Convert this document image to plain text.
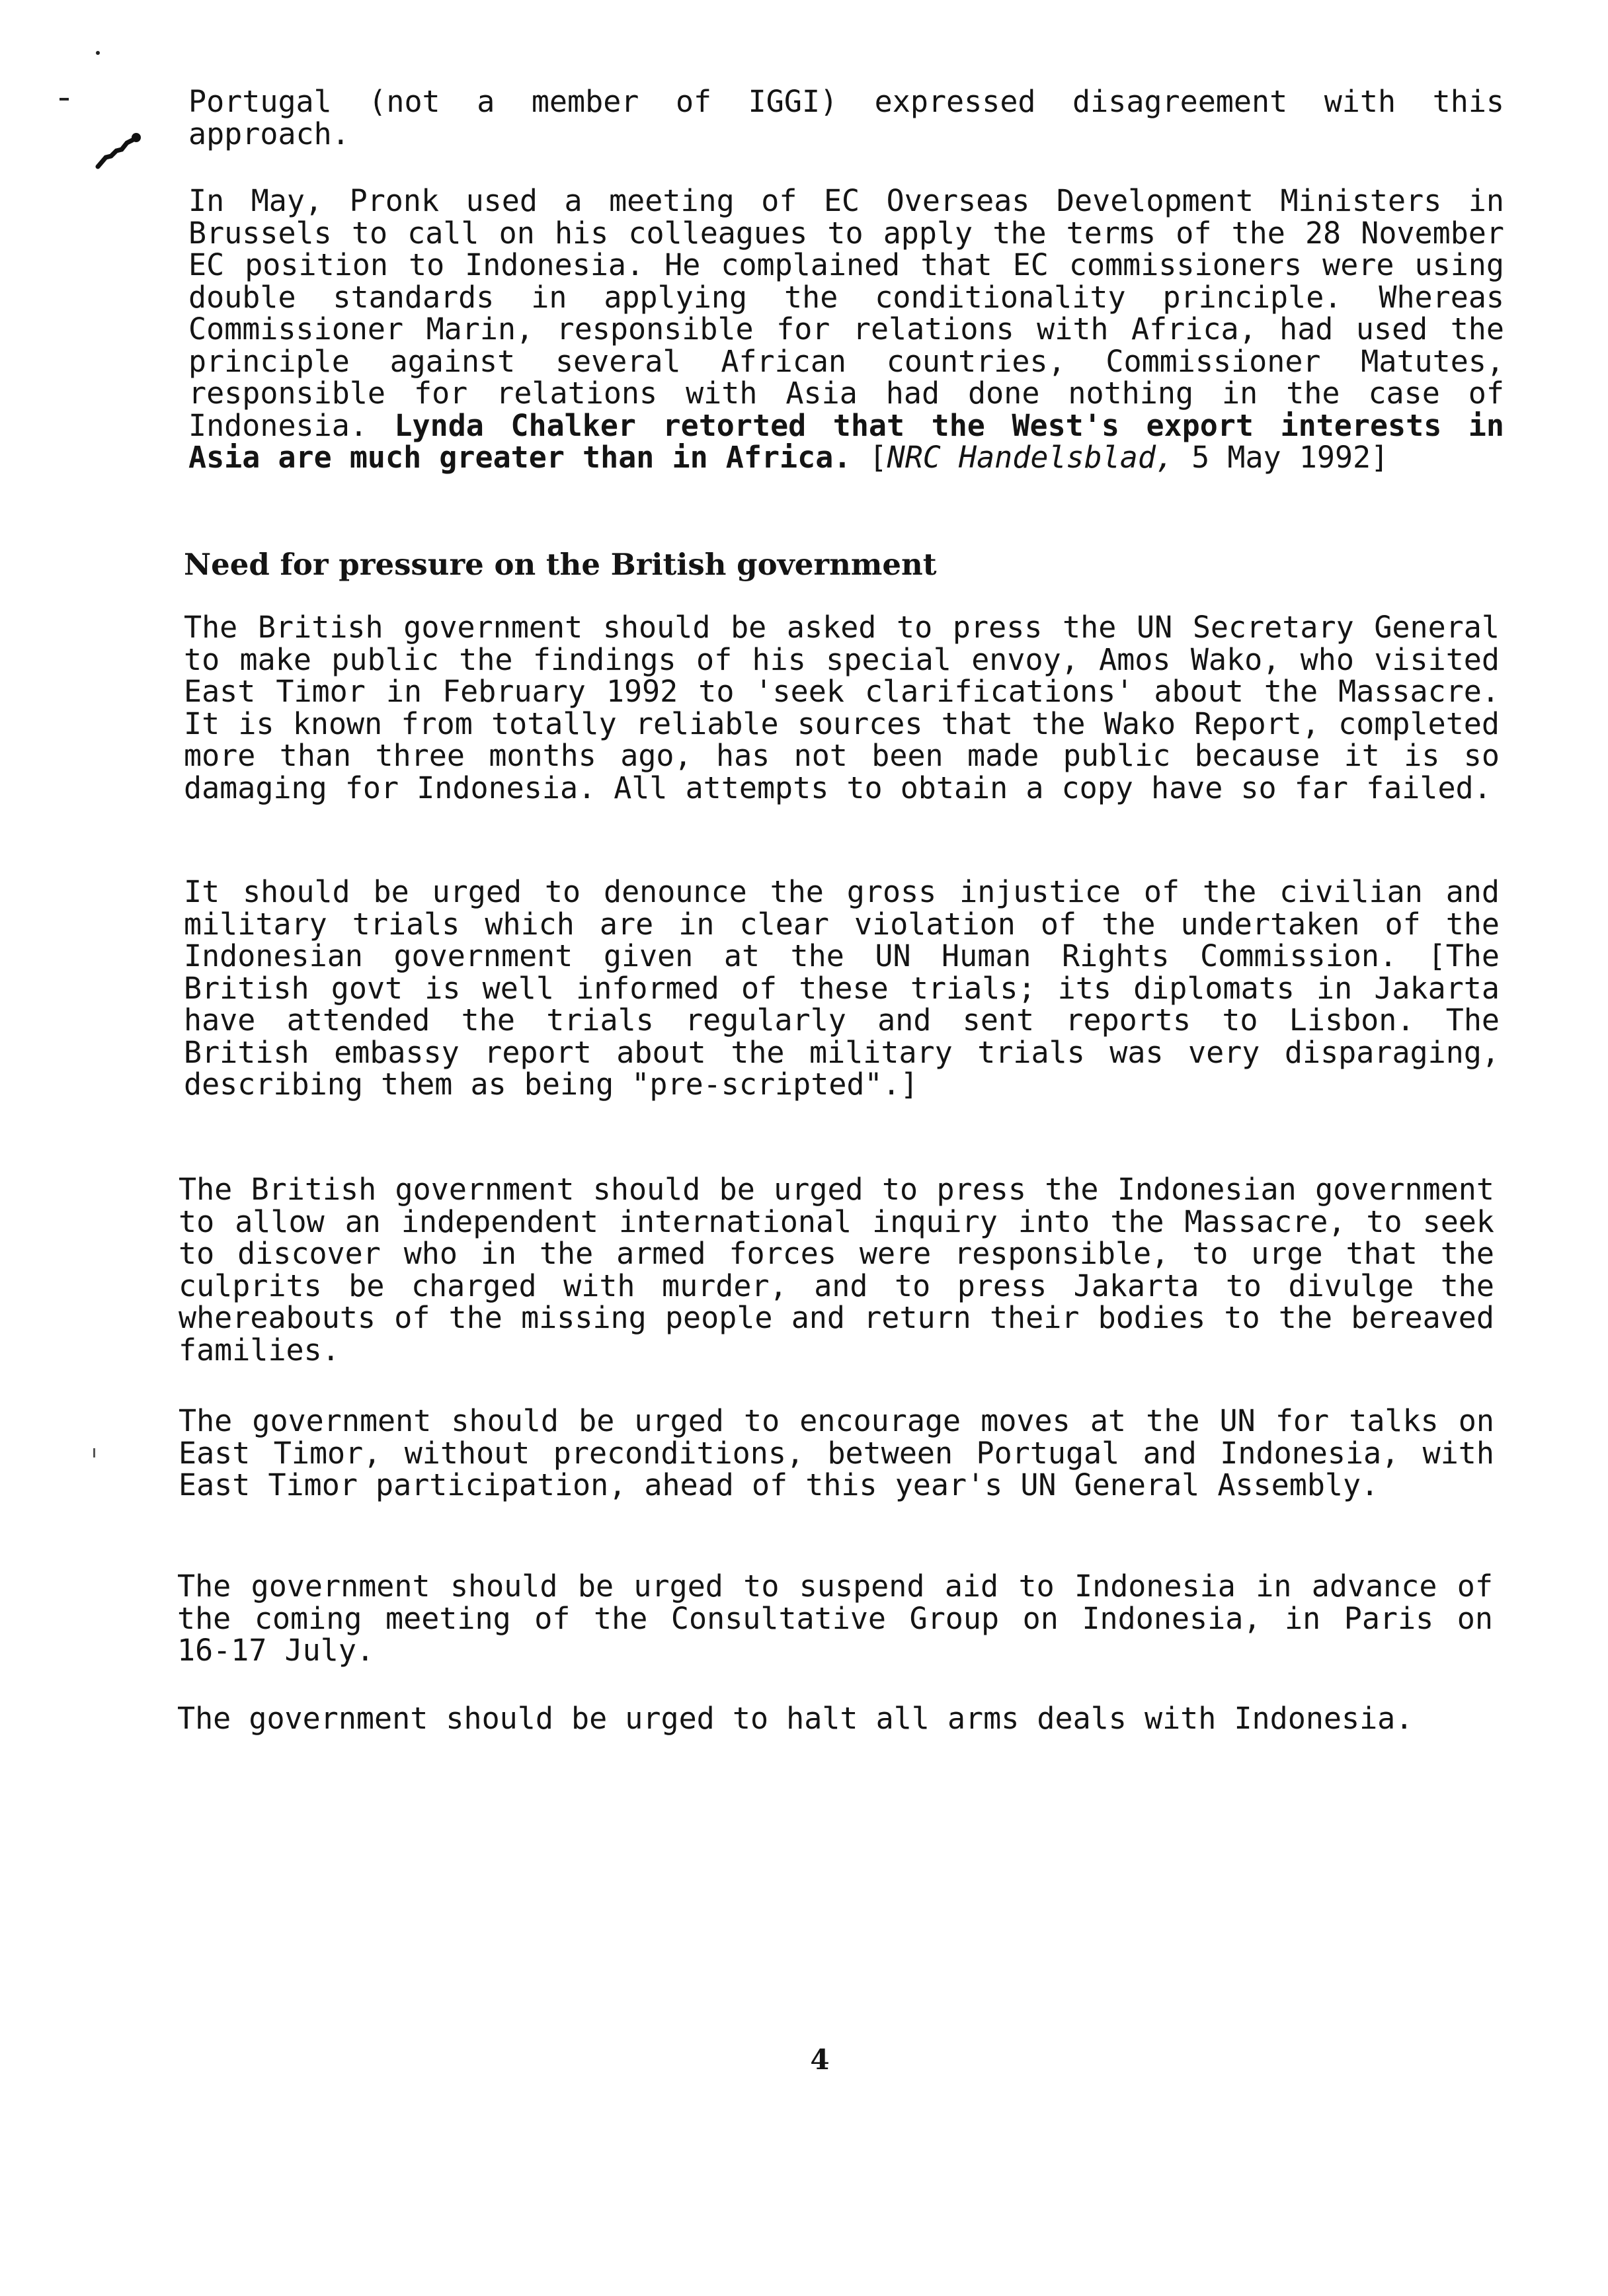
Portugal (not a member of IGGI) expressed disagreement with this approach.

In May, Pronk used a meeting of EC Overseas Development Ministers in Brussels to call on his colleagues to apply the terms of the 28 November EC position to Indonesia. He complained that EC commissioners were using double standards in applying the conditionality principle. Whereas Commissioner Marin, responsible for relations with Africa, had used the principle against several African countries, Commissioner Matutes, responsible for relations with Asia had done nothing in the case of Indonesia. Lynda Chalker retorted that the West's export interests in Asia are much greater than in Africa. [NRC Handelsblad, 5 May 1992]

Need for pressure on the British government

The British government should be asked to press the UN Secretary General to make public the findings of his special envoy, Amos Wako, who visited East Timor in February 1992 to 'seek clarifications' about the Massacre. It is known from totally reliable sources that the Wako Report, completed more than three months ago, has not been made public because it is so damaging for Indonesia. All attempts to obtain a copy have so far failed.

It should be urged to denounce the gross injustice of the civilian and military trials which are in clear violation of the undertaken of the Indonesian government given at the UN Human Rights Commission. [The British govt is well informed of these trials; its diplomats in Jakarta have attended the trials regularly and sent reports to Lisbon. The British embassy report about the military trials was very disparaging, describing them as being "pre-scripted".]

The British government should be urged to press the Indonesian government to allow an independent international inquiry into the Massacre, to seek to discover who in the armed forces were responsible, to urge that the culprits be charged with murder, and to press Jakarta to divulge the whereabouts of the missing people and return their bodies to the bereaved families.

The government should be urged to encourage moves at the UN for talks on East Timor, without preconditions, between Portugal and Indonesia, with East Timor participation, ahead of this year's UN General Assembly.

The government should be urged to suspend aid to Indonesia in advance of the coming meeting of the Consultative Group on Indonesia, in Paris on 16-17 July.

The government should be urged to halt all arms deals with Indonesia.

4
